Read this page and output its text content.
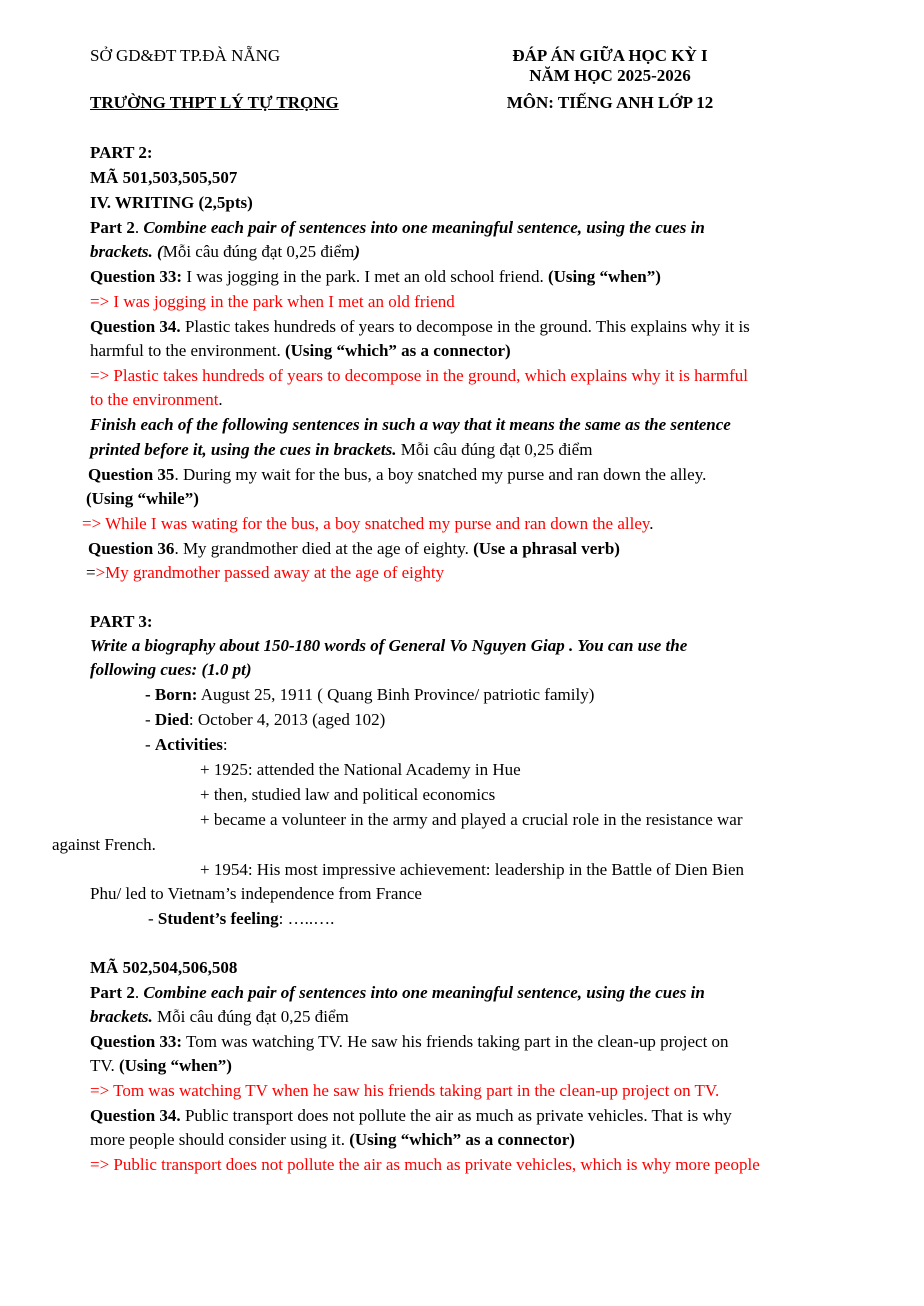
SỞ GD&ĐT TP.ĐÀ NẴNG
TRƯỜNG THPT LÝ TỰ TRỌNG
ĐÁP ÁN GIỮA HỌC KỲ I
NĂM HỌC 2025-2026
MÔN: TIẾNG ANH LỚP 12
PART 2:
MÃ 501,503,505,507
IV. WRITING (2,5pts)
Part 2. Combine each pair of sentences into one meaningful sentence, using the cues in
brackets. (Mỗi câu đúng đạt 0,25 điểm)
Question 33: I was jogging in the park. I met an old school friend. (Using “when”)
=> I was jogging in the park when I met an old friend
Question 34. Plastic takes hundreds of years to decompose in the ground. This explains why it is
harmful to the environment. (Using “which” as a connector)
=> Plastic takes hundreds of years to decompose in the ground, which explains why it is harmful
to the environment.
Finish each of the following sentences in such a way that it means the same as the sentence
printed before it, using the cues in brackets. Mỗi câu đúng đạt 0,25 điểm
Question 35. During my wait for the bus, a boy snatched my purse and ran down the alley.
(Using “while”)
=> While I was wating for the bus, a boy snatched my purse and ran down the alley.
Question 36. My grandmother died at the age of eighty. (Use a phrasal verb)
=>My grandmother passed away at the age of eighty
PART 3:
Write a biography about 150-180 words of General Vo Nguyen Giap . You can use the
following cues: (1.0 pt)
- Born: August 25, 1911 ( Quang Binh Province/ patriotic family)
- Died: October 4, 2013 (aged 102)
- Activities:
+ 1925: attended the National Academy in Hue
+ then, studied law and political economics
+ became a volunteer in the army and played a crucial role in the resistance war
against French.
+ 1954: His most impressive achievement: leadership in the Battle of Dien Bien
Phu/ led to Vietnam’s independence from France
- Student’s feeling: …..….
MÃ 502,504,506,508
Part 2. Combine each pair of sentences into one meaningful sentence, using the cues in
brackets. Mỗi câu đúng đạt 0,25 điểm
Question 33: Tom was watching TV. He saw his friends taking part in the clean-up project on
TV. (Using “when”)
=> Tom was watching TV when he saw his friends taking part in the clean-up project on TV.
Question 34. Public transport does not pollute the air as much as private vehicles. That is why
more people should consider using it. (Using “which” as a connector)
=> Public transport does not pollute the air as much as private vehicles, which is why more people
